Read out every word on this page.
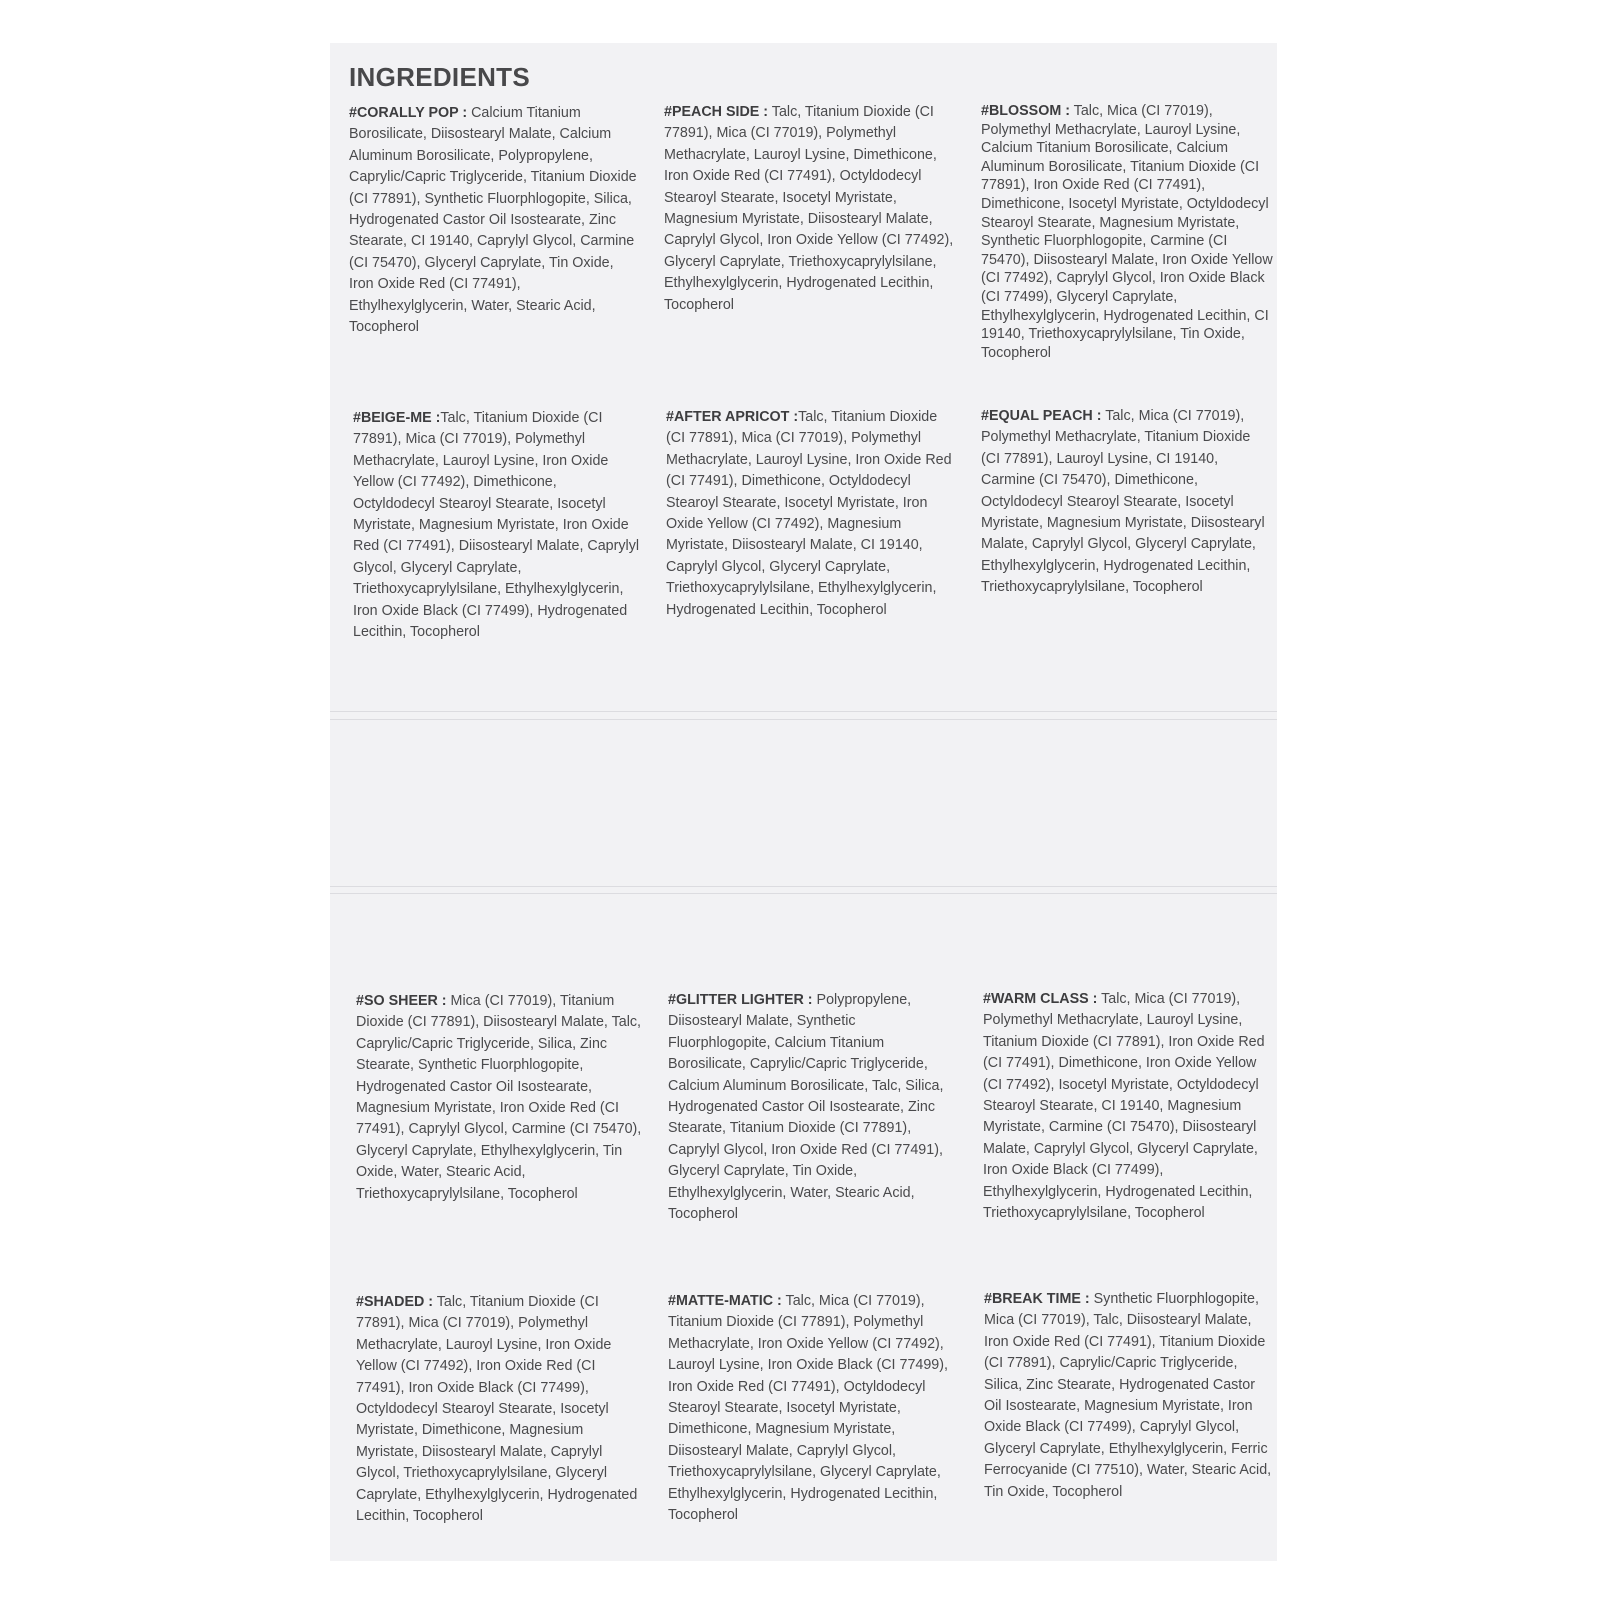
INGREDIENTS
#CORALLY POP : Calcium Titanium Borosilicate, Diisostearyl Malate, Calcium Aluminum Borosilicate, Polypropylene, Caprylic/Capric Triglyceride, Titanium Dioxide (CI 77891), Synthetic Fluorphlogopite, Silica, Hydrogenated Castor Oil Isostearate, Zinc Stearate, CI 19140, Caprylyl Glycol, Carmine (CI 75470), Glyceryl Caprylate, Tin Oxide, Iron Oxide Red (CI 77491), Ethylhexylglycerin, Water, Stearic Acid, Tocopherol
#PEACH SIDE : Talc, Titanium Dioxide (CI 77891), Mica (CI 77019), Polymethyl Methacrylate, Lauroyl Lysine, Dimethicone, Iron Oxide Red (CI 77491), Octyldodecyl Stearoyl Stearate, Isocetyl Myristate, Magnesium Myristate, Diisostearyl Malate, Caprylyl Glycol, Iron Oxide Yellow (CI 77492), Glyceryl Caprylate, Triethoxycaprylylsilane, Ethylhexylglycerin, Hydrogenated Lecithin, Tocopherol
#BLOSSOM : Talc, Mica (CI 77019), Polymethyl Methacrylate, Lauroyl Lysine, Calcium Titanium Borosilicate, Calcium Aluminum Borosilicate, Titanium Dioxide (CI 77891), Iron Oxide Red (CI 77491), Dimethicone, Isocetyl Myristate, Octyldodecyl Stearoyl Stearate, Magnesium Myristate, Synthetic Fluorphlogopite, Carmine (CI 75470), Diisostearyl Malate, Iron Oxide Yellow (CI 77492), Caprylyl Glycol, Iron Oxide Black (CI 77499), Glyceryl Caprylate, Ethylhexylglycerin, Hydrogenated Lecithin, CI 19140, Triethoxycaprylylsilane, Tin Oxide, Tocopherol
#BEIGE-ME :Talc, Titanium Dioxide (CI 77891), Mica (CI 77019), Polymethyl Methacrylate, Lauroyl Lysine, Iron Oxide Yellow (CI 77492), Dimethicone, Octyldodecyl Stearoyl Stearate, Isocetyl Myristate, Magnesium Myristate, Iron Oxide Red (CI 77491), Diisostearyl Malate, Caprylyl Glycol, Glyceryl Caprylate, Triethoxycaprylylsilane, Ethylhexylglycerin, Iron Oxide Black (CI 77499), Hydrogenated Lecithin, Tocopherol
#AFTER APRICOT :Talc, Titanium Dioxide (CI 77891), Mica (CI 77019), Polymethyl Methacrylate, Lauroyl Lysine, Iron Oxide Red (CI 77491), Dimethicone, Octyldodecyl Stearoyl Stearate, Isocetyl Myristate, Iron Oxide Yellow (CI 77492), Magnesium Myristate, Diisostearyl Malate, CI 19140, Caprylyl Glycol, Glyceryl Caprylate, Triethoxycaprylylsilane, Ethylhexylglycerin, Hydrogenated Lecithin, Tocopherol
#EQUAL PEACH : Talc, Mica (CI 77019), Polymethyl Methacrylate, Titanium Dioxide (CI 77891), Lauroyl Lysine, CI 19140, Carmine (CI 75470), Dimethicone, Octyldodecyl Stearoyl Stearate, Isocetyl Myristate, Magnesium Myristate, Diisostearyl Malate, Caprylyl Glycol, Glyceryl Caprylate, Ethylhexylglycerin, Hydrogenated Lecithin, Triethoxycaprylylsilane, Tocopherol
#SO SHEER : Mica (CI 77019), Titanium Dioxide (CI 77891), Diisostearyl Malate, Talc, Caprylic/Capric Triglyceride, Silica, Zinc Stearate, Synthetic Fluorphlogopite, Hydrogenated Castor Oil Isostearate, Magnesium Myristate, Iron Oxide Red (CI 77491), Caprylyl Glycol, Carmine (CI 75470), Glyceryl Caprylate, Ethylhexylglycerin, Tin Oxide, Water, Stearic Acid, Triethoxycaprylylsilane, Tocopherol
#GLITTER LIGHTER : Polypropylene, Diisostearyl Malate, Synthetic Fluorphlogopite, Calcium Titanium Borosilicate, Caprylic/Capric Triglyceride, Calcium Aluminum Borosilicate, Talc, Silica, Hydrogenated Castor Oil Isostearate, Zinc Stearate, Titanium Dioxide (CI 77891), Caprylyl Glycol, Iron Oxide Red (CI 77491), Glyceryl Caprylate, Tin Oxide, Ethylhexylglycerin, Water, Stearic Acid, Tocopherol
#WARM CLASS : Talc, Mica (CI 77019), Polymethyl Methacrylate, Lauroyl Lysine, Titanium Dioxide (CI 77891), Iron Oxide Red (CI 77491), Dimethicone, Iron Oxide Yellow (CI 77492), Isocetyl Myristate, Octyldodecyl Stearoyl Stearate, CI 19140, Magnesium Myristate, Carmine (CI 75470), Diisostearyl Malate, Caprylyl Glycol, Glyceryl Caprylate, Iron Oxide Black (CI 77499), Ethylhexylglycerin, Hydrogenated Lecithin, Triethoxycaprylylsilane, Tocopherol
#SHADED : Talc, Titanium Dioxide (CI 77891), Mica (CI 77019), Polymethyl Methacrylate, Lauroyl Lysine, Iron Oxide Yellow (CI 77492), Iron Oxide Red (CI 77491), Iron Oxide Black (CI 77499), Octyldodecyl Stearoyl Stearate, Isocetyl Myristate, Dimethicone, Magnesium Myristate, Diisostearyl Malate, Caprylyl Glycol, Triethoxycaprylylsilane, Glyceryl Caprylate, Ethylhexylglycerin, Hydrogenated Lecithin, Tocopherol
#MATTE-MATIC : Talc, Mica (CI 77019), Titanium Dioxide (CI 77891), Polymethyl Methacrylate, Iron Oxide Yellow (CI 77492), Lauroyl Lysine, Iron Oxide Black (CI 77499), Iron Oxide Red (CI 77491), Octyldodecyl Stearoyl Stearate, Isocetyl Myristate, Dimethicone, Magnesium Myristate, Diisostearyl Malate, Caprylyl Glycol, Triethoxycaprylylsilane, Glyceryl Caprylate, Ethylhexylglycerin, Hydrogenated Lecithin, Tocopherol
#BREAK TIME : Synthetic Fluorphlogopite, Mica (CI 77019), Talc, Diisostearyl Malate, Iron Oxide Red (CI 77491), Titanium Dioxide (CI 77891), Caprylic/Capric Triglyceride, Silica, Zinc Stearate, Hydrogenated Castor Oil Isostearate, Magnesium Myristate, Iron Oxide Black (CI 77499), Caprylyl Glycol, Glyceryl Caprylate, Ethylhexylglycerin, Ferric Ferrocyanide (CI 77510), Water, Stearic Acid, Tin Oxide, Tocopherol
